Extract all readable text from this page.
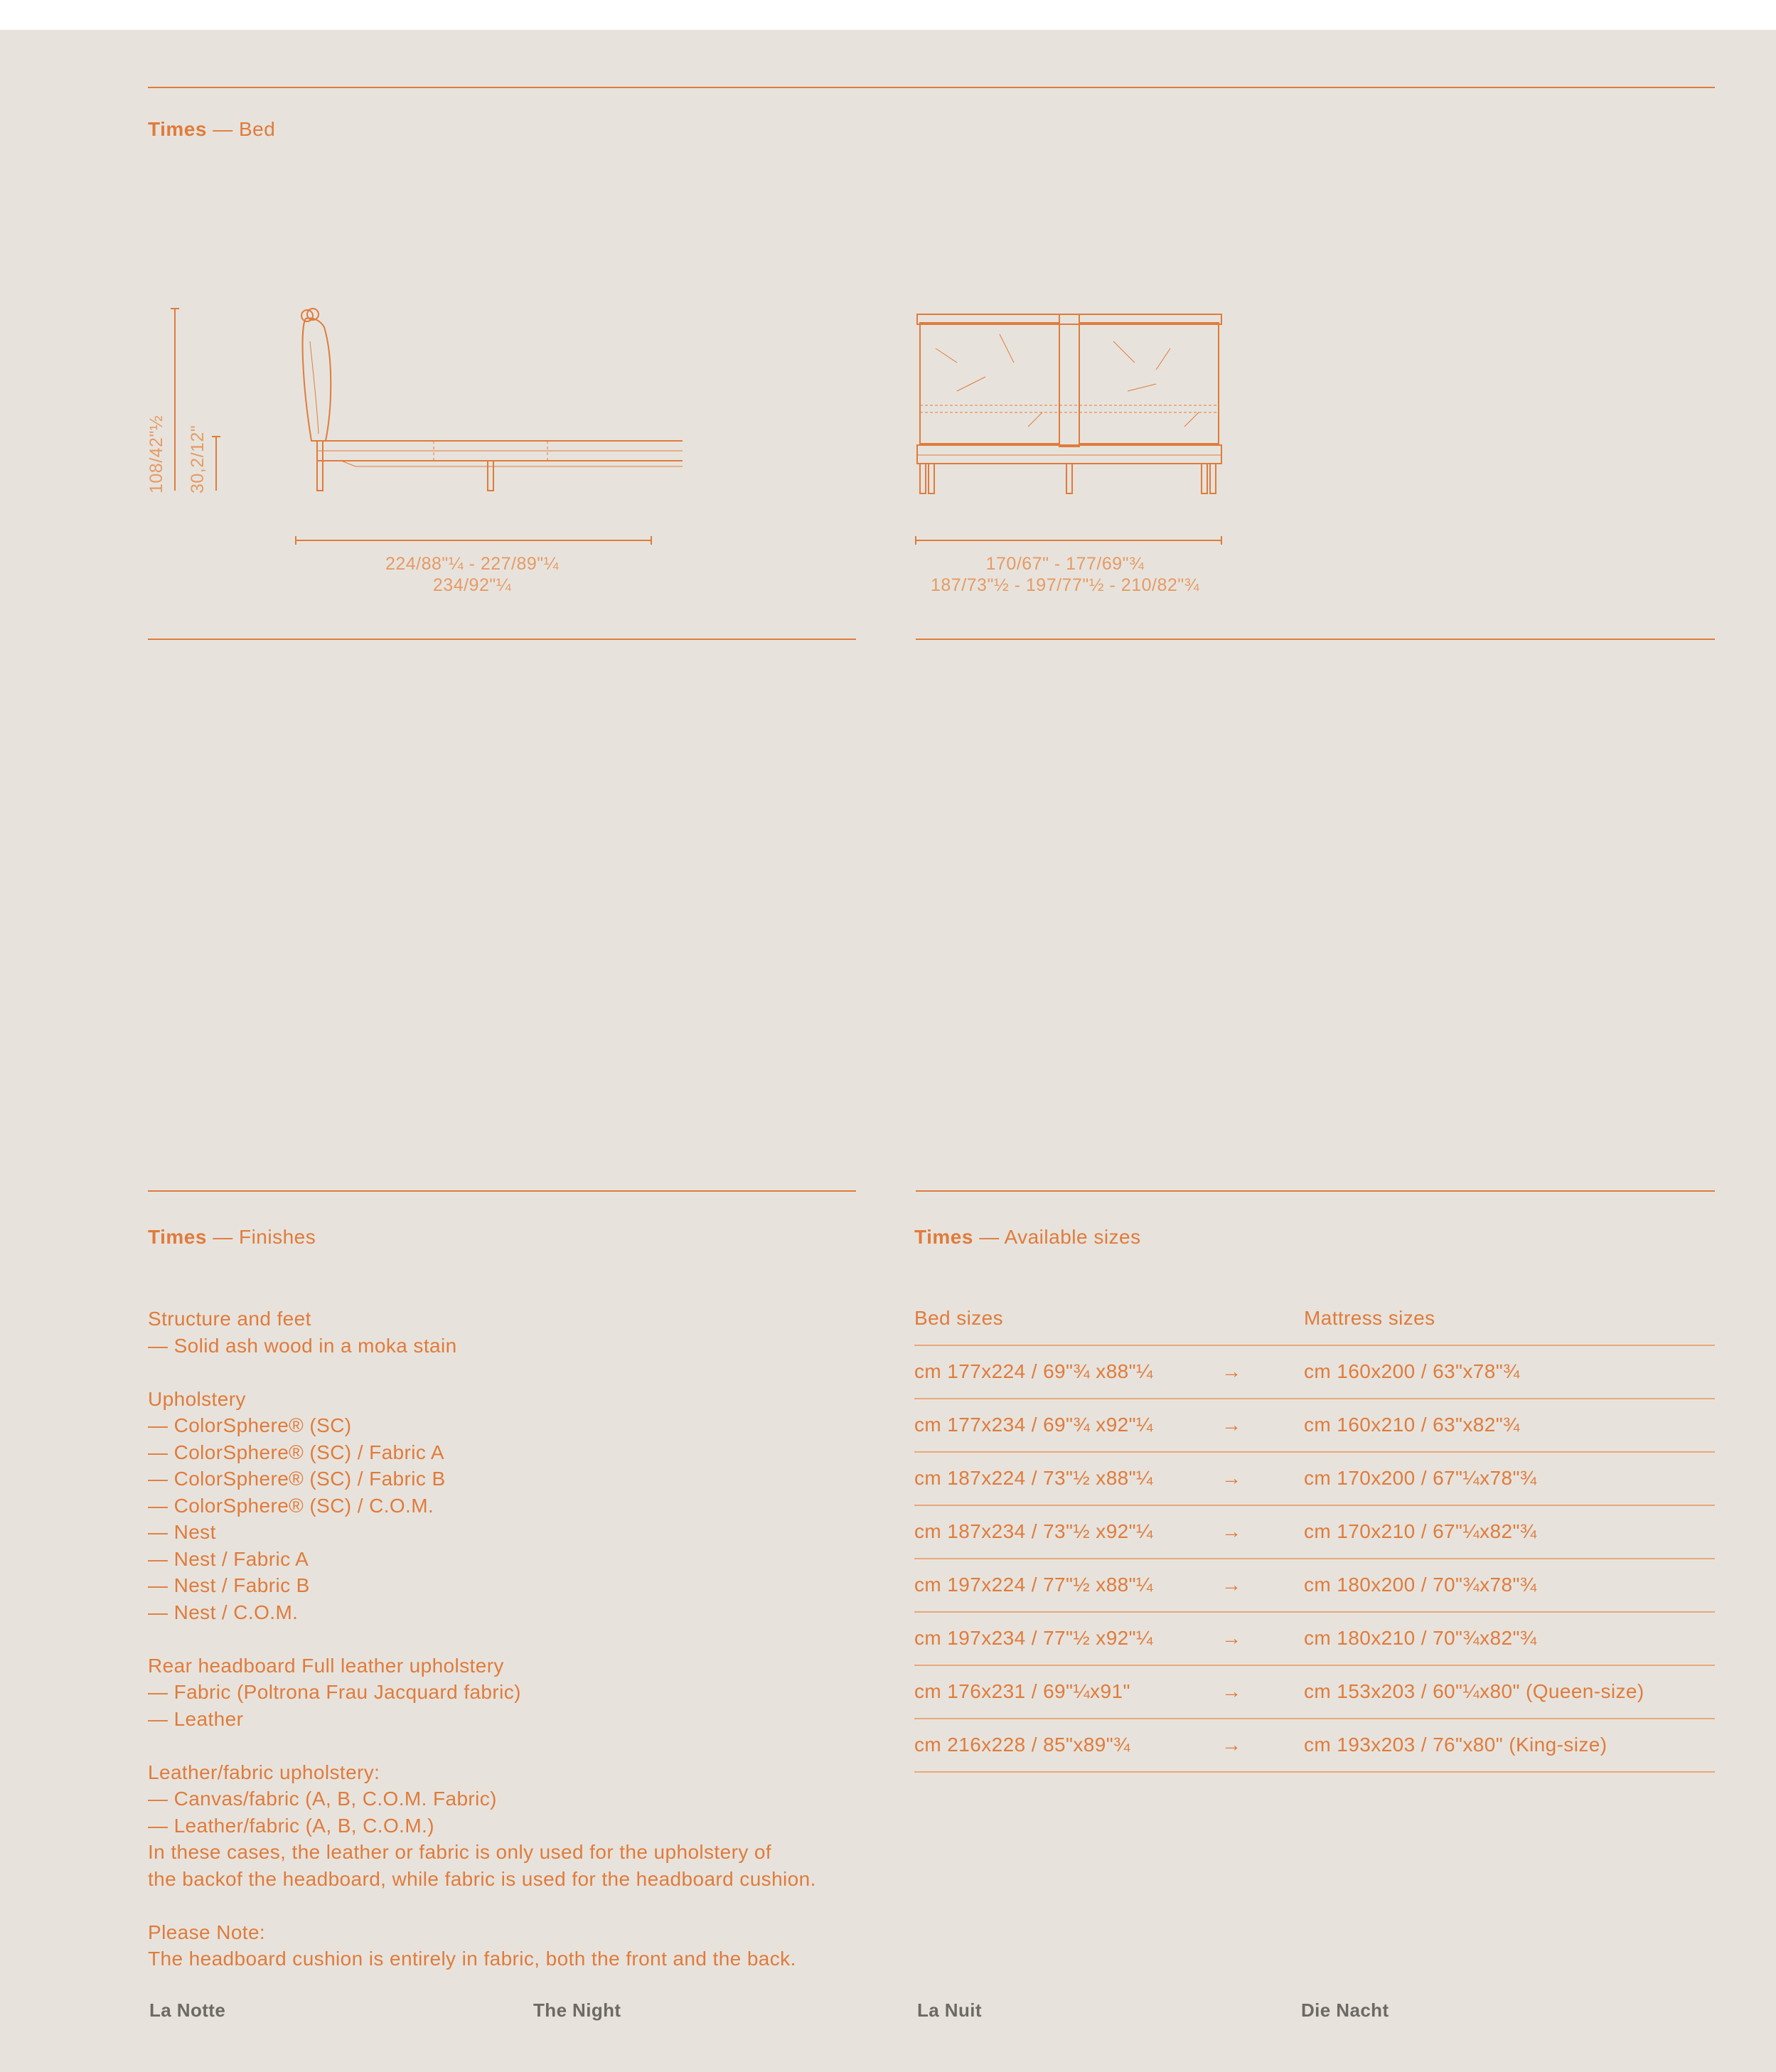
Times — Bed
108/42"½ 30,2/12"
224/88"¼ - 227/89"¼
234/92"¼
170/67" - 177/69"¾
187/73"½ - 197/77"½ - 210/82"¾
Times — Finishes
Structure and feet
— Solid ash wood in a moka stain
Upholstery
— ColorSphere® (SC)
— ColorSphere® (SC) / Fabric A
— ColorSphere® (SC) / Fabric B
— ColorSphere® (SC) / C.O.M.
— Nest
— Nest / Fabric A
— Nest / Fabric B
— Nest / C.O.M.
Rear headboard Full leather upholstery
— Fabric (Poltrona Frau Jacquard fabric)
— Leather
Leather/fabric upholstery:
— Canvas/fabric (A, B, C.O.M. Fabric)
— Leather/fabric (A, B, C.O.M.)
In these cases, the leather or fabric is only used for the upholstery of
the backof the headboard, while fabric is used for the headboard cushion.
Please Note:
The headboard cushion is entirely in fabric, both the front and the back.
Times — Available sizes
Bed sizes	Mattress sizes
cm 177x224 / 69"¾ x88"¼	→	cm 160x200 / 63"x78"¾
cm 177x234 / 69"¾ x92"¼	→	cm 160x210 / 63"x82"¾
cm 187x224 / 73"½ x88"¼	→	cm 170x200 / 67"¼x78"¾
cm 187x234 / 73"½ x92"¼	→	cm 170x210 / 67"¼x82"¾
cm 197x224 / 77"½ x88"¼	→	cm 180x200 / 70"¾x78"¾
cm 197x234 / 77"½ x92"¼	→	cm 180x210 / 70"¾x82"¾
cm 176x231 / 69"¼x91"	→	cm 153x203 / 60"¼x80" (Queen-size)
cm 216x228 / 85"x89"¾	→	cm 193x203 / 76"x80" (King-size)
La Notte	The Night	La Nuit	Die Nacht
